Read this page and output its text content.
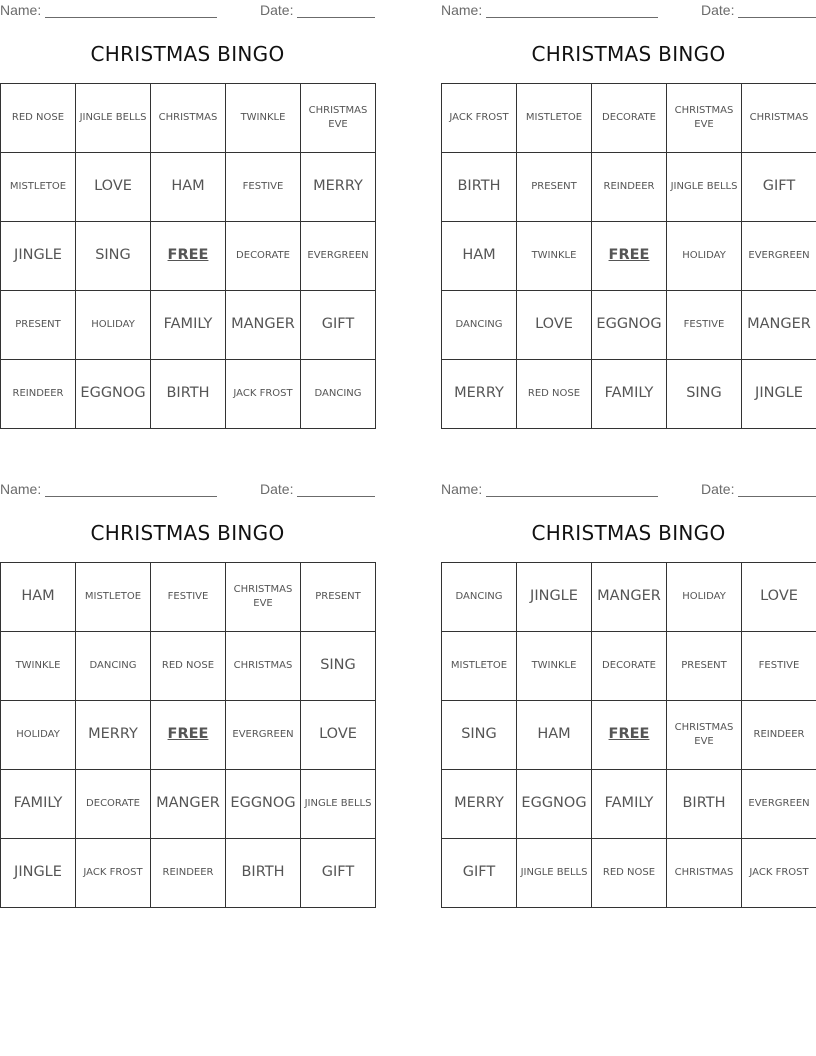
Name:	Date:
CHRISTMAS BINGO
RED NOSE	JINGLE BELLS	CHRISTMAS	TWINKLE	CHRISTMAS EVE
MISTLETOE	LOVE	HAM	FESTIVE	MERRY
JINGLE	SING	FREE	DECORATE	EVERGREEN
PRESENT	HOLIDAY	FAMILY	MANGER	GIFT
REINDEER	EGGNOG	BIRTH	JACK FROST	DANCING
Name:	Date:
CHRISTMAS BINGO
JACK FROST	MISTLETOE	DECORATE	CHRISTMAS EVE	CHRISTMAS
BIRTH	PRESENT	REINDEER	JINGLE BELLS	GIFT
HAM	TWINKLE	FREE	HOLIDAY	EVERGREEN
DANCING	LOVE	EGGNOG	FESTIVE	MANGER
MERRY	RED NOSE	FAMILY	SING	JINGLE
Name:	Date:
CHRISTMAS BINGO
HAM	MISTLETOE	FESTIVE	CHRISTMAS EVE	PRESENT
TWINKLE	DANCING	RED NOSE	CHRISTMAS	SING
HOLIDAY	MERRY	FREE	EVERGREEN	LOVE
FAMILY	DECORATE	MANGER	EGGNOG	JINGLE BELLS
JINGLE	JACK FROST	REINDEER	BIRTH	GIFT
Name:	Date:
CHRISTMAS BINGO
DANCING	JINGLE	MANGER	HOLIDAY	LOVE
MISTLETOE	TWINKLE	DECORATE	PRESENT	FESTIVE
SING	HAM	FREE	CHRISTMAS EVE	REINDEER
MERRY	EGGNOG	FAMILY	BIRTH	EVERGREEN
GIFT	JINGLE BELLS	RED NOSE	CHRISTMAS	JACK FROST
